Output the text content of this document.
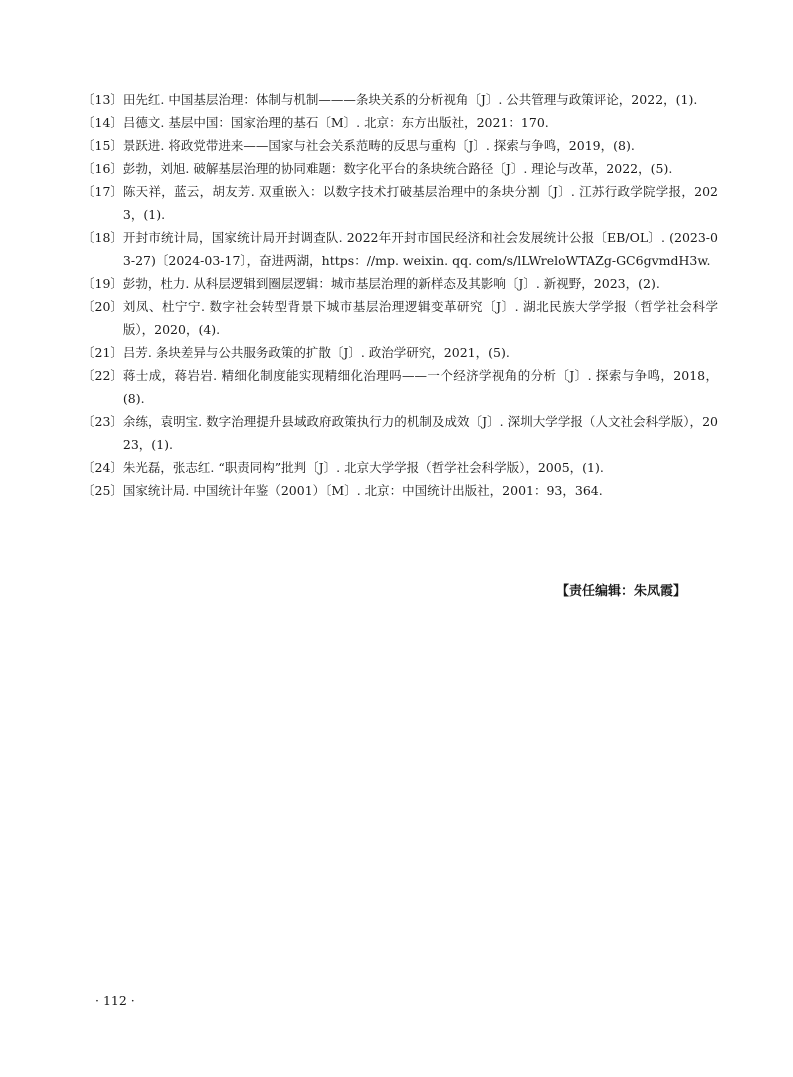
〔13〕 田先红. 中国基层治理：体制与机制———条块关系的分析视角〔J〕. 公共管理与政策评论，2022，(1).

〔14〕 吕德文. 基层中国：国家治理的基石〔M〕. 北京：东方出版社，2021：170.

〔15〕 景跃进. 将政党带进来——国家与社会关系范畴的反思与重构〔J〕. 探索与争鸣，2019，(8).

〔16〕 彭勃，刘旭. 破解基层治理的协同难题：数字化平台的条块统合路径〔J〕. 理论与改革，2022，(5).

〔17〕 陈天祥，蓝云，胡友芳. 双重嵌入：以数字技术打破基层治理中的条块分割〔J〕. 江苏行政学院学报，2023，(1).

〔18〕 开封市统计局，国家统计局开封调查队. 2022年开封市国民经济和社会发展统计公报〔EB/OL〕. (2023-03-27)〔2024-03-17〕，奋进两湖，https：//mp. weixin. qq. com/s/lLWreloWTAZg-GC6gvmdH3w.

〔19〕 彭勃，杜力. 从科层逻辑到圈层逻辑：城市基层治理的新样态及其影响〔J〕. 新视野，2023，(2).

〔20〕 刘凤、杜宁宁. 数字社会转型背景下城市基层治理逻辑变革研究〔J〕. 湖北民族大学学报（哲学社会科学版），2020，(4).

〔21〕 吕芳. 条块差异与公共服务政策的扩散〔J〕. 政治学研究，2021，(5).

〔22〕 蒋士成，蒋岩岩. 精细化制度能实现精细化治理吗——一个经济学视角的分析〔J〕. 探索与争鸣，2018，(8).

〔23〕 余练，袁明宝. 数字治理提升县域政府政策执行力的机制及成效〔J〕. 深圳大学学报（人文社会科学版），2023，(1).

〔24〕 朱光磊，张志红. “职责同构”批判〔J〕. 北京大学学报（哲学社会科学版），2005，(1).

〔25〕 国家统计局. 中国统计年鉴（2001）〔M〕. 北京：中国统计出版社，2001：93，364.

【责任编辑：朱凤霞】
· 112 ·
